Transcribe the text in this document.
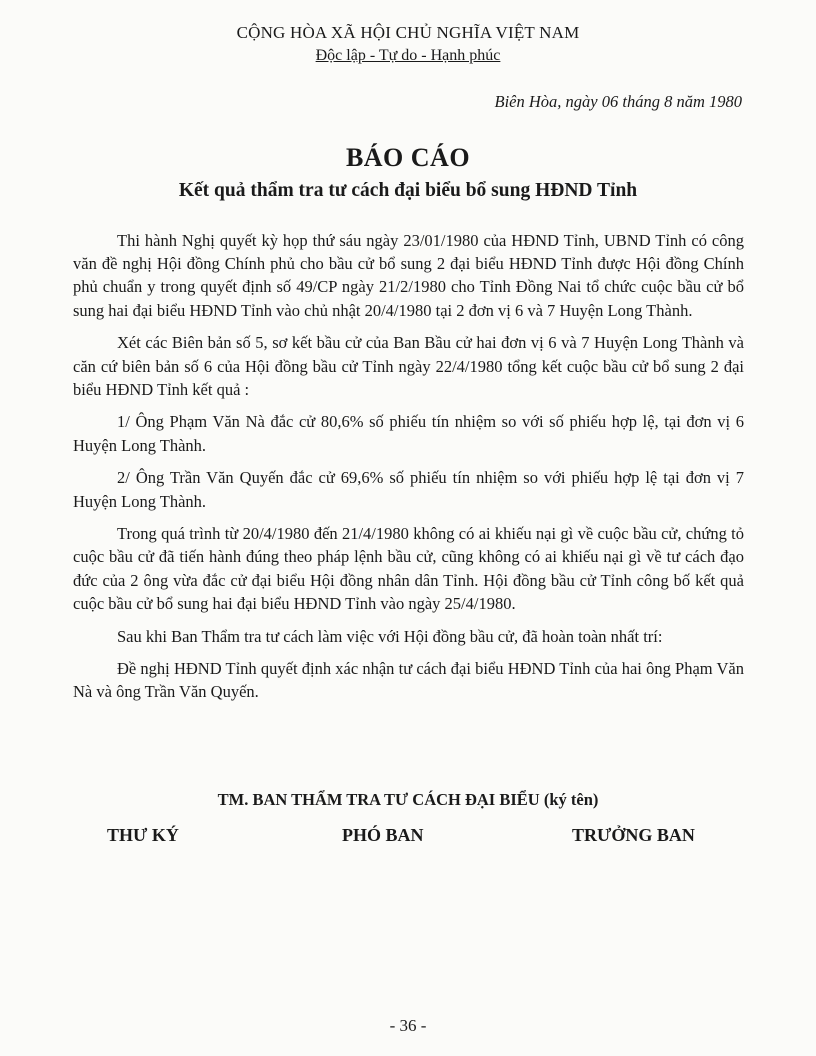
CỘNG HÒA XÃ HỘI CHỦ NGHĨA VIỆT NAM
Độc lập - Tự do - Hạnh phúc
Biên Hòa, ngày 06 tháng 8 năm 1980
BÁO CÁO
Kết quả thẩm tra tư cách đại biểu bổ sung HĐND Tỉnh

Thi hành Nghị quyết kỳ họp thứ sáu ngày 23/01/1980 của HĐND Tỉnh, UBND Tỉnh có công văn đề nghị Hội đồng Chính phủ cho bầu cử bổ sung 2 đại biểu HĐND Tỉnh được Hội đồng Chính phủ chuẩn y trong quyết định số 49/CP ngày 21/2/1980 cho Tỉnh Đồng Nai tổ chức cuộc bầu cử bổ sung hai đại biểu HĐND Tỉnh vào chủ nhật 20/4/1980 tại 2 đơn vị 6 và 7 Huyện Long Thành.

Xét các Biên bản số 5, sơ kết bầu cử của Ban Bầu cử hai đơn vị 6 và 7 Huyện Long Thành và căn cứ biên bản số 6 của Hội đồng bầu cử Tỉnh ngày 22/4/1980 tổng kết cuộc bầu cử bổ sung 2 đại biểu HĐND Tỉnh kết quả :

1/ Ông Phạm Văn Nà đắc cử 80,6% số phiếu tín nhiệm so với số phiếu hợp lệ, tại đơn vị 6 Huyện Long Thành.

2/ Ông Trần Văn Quyến đắc cử 69,6% số phiếu tín nhiệm so với phiếu hợp lệ tại đơn vị 7 Huyện Long Thành.

Trong quá trình từ 20/4/1980 đến 21/4/1980 không có ai khiếu nại gì về cuộc bầu cử, chứng tỏ cuộc bầu cử đã tiến hành đúng theo pháp lệnh bầu cử, cũng không có ai khiếu nại gì về tư cách đạo đức của 2 ông vừa đắc cử đại biểu Hội đồng nhân dân Tỉnh. Hội đồng bầu cử Tỉnh công bố kết quả cuộc bầu cử bổ sung hai đại biểu HĐND Tỉnh vào ngày 25/4/1980.

Sau khi Ban Thẩm tra tư cách làm việc với Hội đồng bầu cử, đã hoàn toàn nhất trí:

Đề nghị HĐND Tỉnh quyết định xác nhận tư cách đại biểu HĐND Tỉnh của hai ông Phạm Văn Nà và ông Trần Văn Quyến.

TM. BAN THẨM TRA TƯ CÁCH ĐẠI BIỂU (ký tên)
THƯ KÝ	PHÓ BAN	TRƯỞNG BAN
- 36 -
